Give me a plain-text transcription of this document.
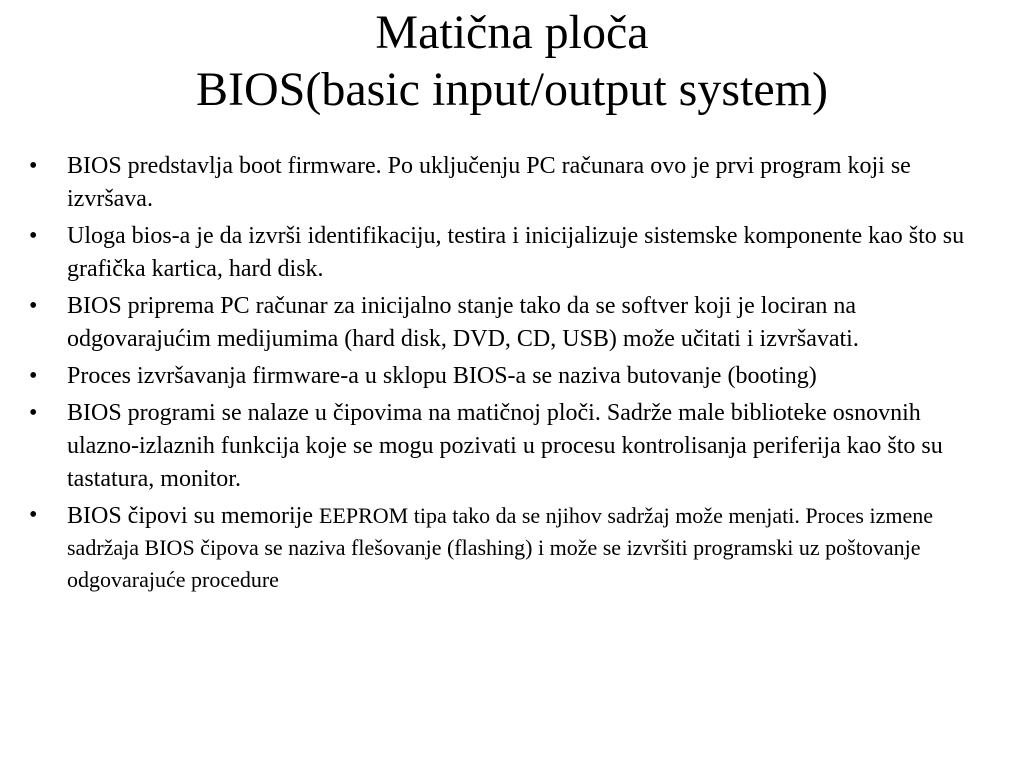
Matična ploča
BIOS(basic input/output system)
• BIOS predstavlja boot firmware. Po uključenju PC računara ovo je prvi program koji se izvršava.
• Uloga bios-a je da izvrši identifikaciju, testira i inicijalizuje sistemske komponente kao što su grafička kartica, hard disk.
• BIOS priprema PC računar za inicijalno stanje tako da se softver koji je lociran na odgovarajućim medijumima (hard disk, DVD, CD, USB) može učitati i izvršavati.
• Proces izvršavanja firmware-a u sklopu BIOS-a se naziva butovanje (booting)
• BIOS programi se nalaze u čipovima na matičnoj ploči. Sadrže male biblioteke osnovnih ulazno-izlaznih funkcija koje se mogu pozivati u procesu kontrolisanja periferija kao što su tastatura, monitor.
• BIOS čipovi su memorije EEPROM tipa tako da se njihov sadržaj može menjati. Proces izmene sadržaja BIOS čipova se naziva flešovanje (flashing) i može se izvršiti programski uz poštovanje odgovarajuće procedure
